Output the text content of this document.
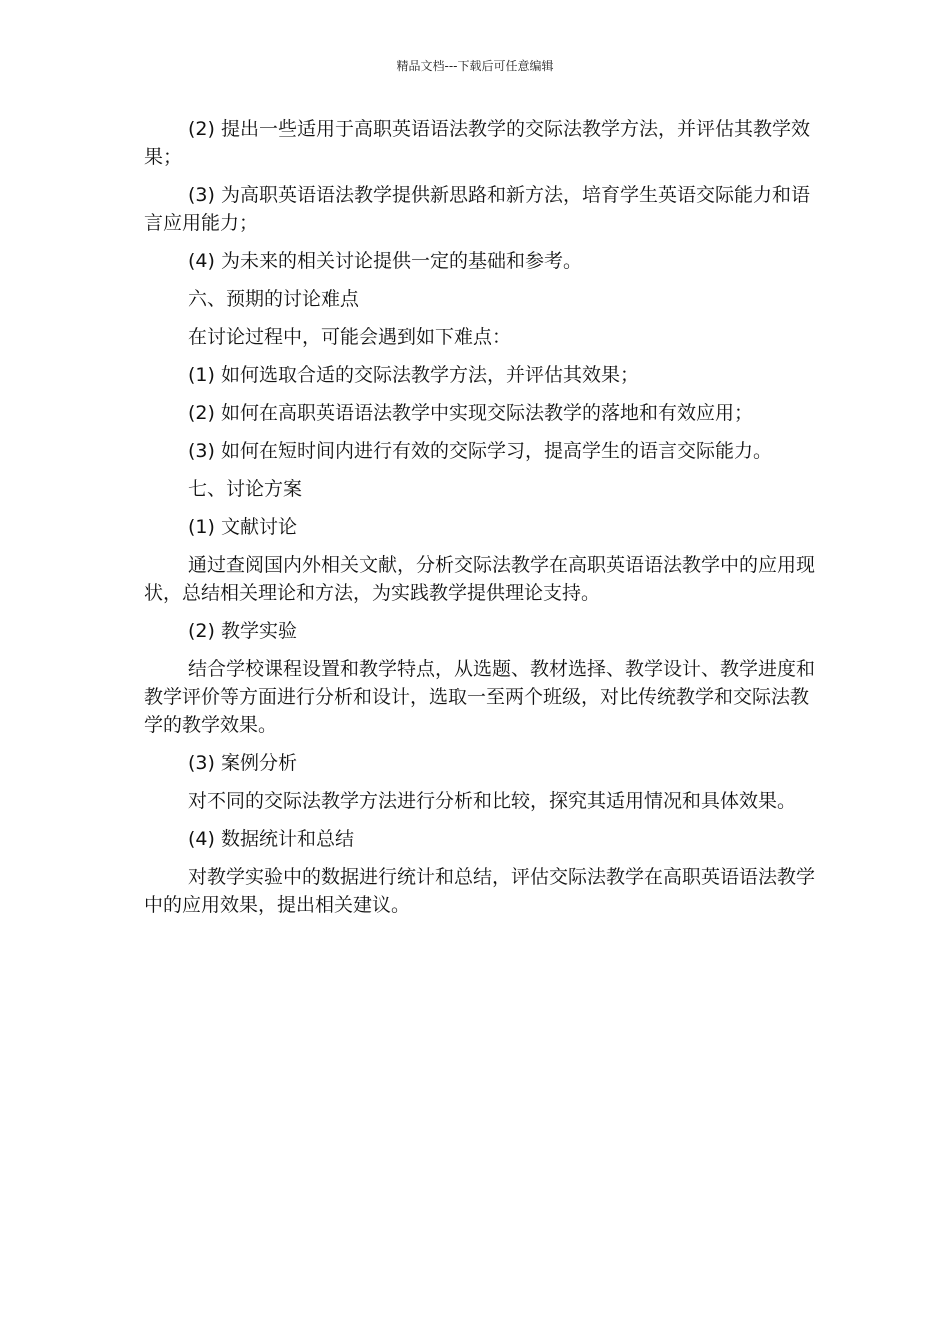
精品文档---下载后可任意编辑

(2) 提出一些适用于高职英语语法教学的交际法教学方法，并评估其教学效果；

(3) 为高职英语语法教学提供新思路和新方法，培育学生英语交际能力和语言应用能力；

(4) 为未来的相关讨论提供一定的基础和参考。

六、预期的讨论难点

在讨论过程中，可能会遇到如下难点：

(1) 如何选取合适的交际法教学方法，并评估其效果；

(2) 如何在高职英语语法教学中实现交际法教学的落地和有效应用；

(3) 如何在短时间内进行有效的交际学习，提高学生的语言交际能力。

七、讨论方案

(1) 文献讨论

通过查阅国内外相关文献，分析交际法教学在高职英语语法教学中的应用现状，总结相关理论和方法，为实践教学提供理论支持。

(2) 教学实验

结合学校课程设置和教学特点，从选题、教材选择、教学设计、教学进度和教学评价等方面进行分析和设计，选取一至两个班级，对比传统教学和交际法教学的教学效果。

(3) 案例分析

对不同的交际法教学方法进行分析和比较，探究其适用情况和具体效果。

(4) 数据统计和总结

对教学实验中的数据进行统计和总结，评估交际法教学在高职英语语法教学中的应用效果，提出相关建议。
